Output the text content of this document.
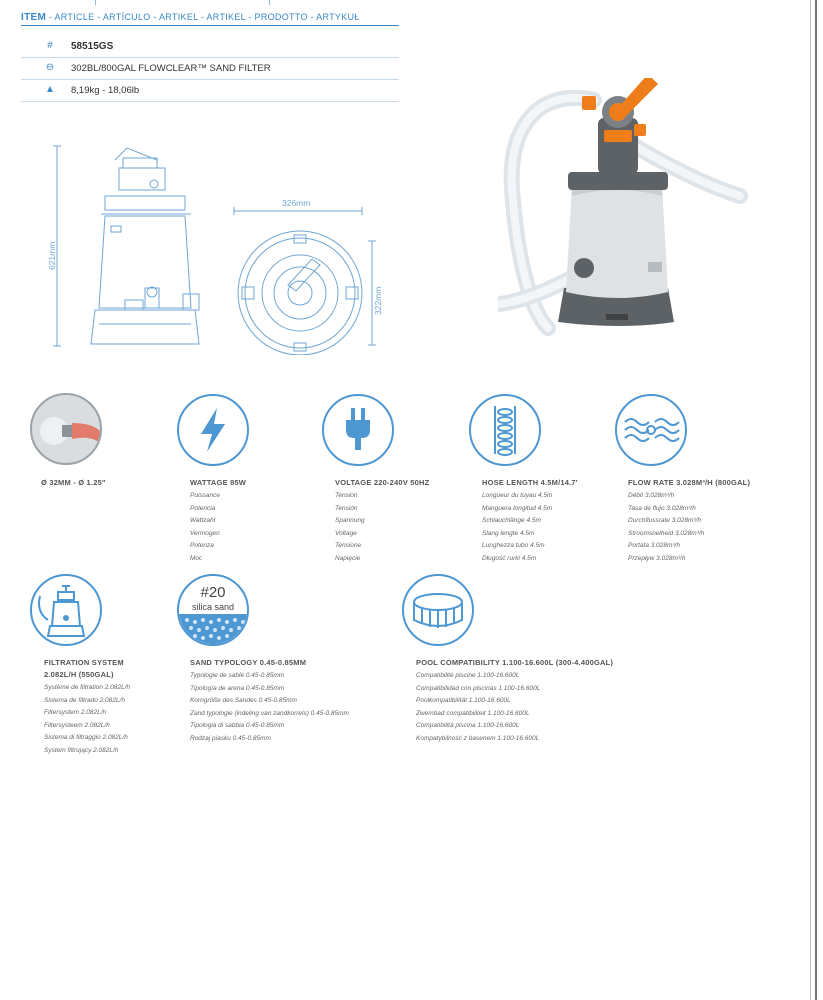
ITEM - ARTICLE - ARTÍCULO - ARTIKEL - ARTIKEL - PRODOTTO - ARTYKUŁ
# 58515GS
⊖ 302BL/800GAL FLOWCLEAR™ SAND FILTER
▲ 8,19kg - 18,06lb
621mm
326mm
322mm
Ø 32MM - Ø 1.25"	WATTAGE 85W
Puissance
Potencia
Wattzahl
Vermogen
Potenza
Moc
VOLTAGE 220-240V 50HZ
Tension
Tensión
Spannung
Voltage
Tensione
Napięcie
HOSE LENGTH 4.5M/14.7'
Longueur du tuyau 4.5m
Manguera longitud 4.5m
Schlauchlänge 4.5m
Slang lengte 4.5m
Lunghezza tubo 4.5m
Długość rurki 4.5m
FLOW RATE 3.028M³/H (800GAL)
Débit 3.028m³/h
Tasa de flujo 3.028m³/h
Durchflussrate 3.028m³/h
Stroomsnelheid 3.028m³/h
Portata 3.028m³/h
Przepływ 3.028m³/h
#20
silica sand
FILTRATION SYSTEM
2.082L/H (550GAL)
Système de filtration 2.082L/h
Sistema de filtrado 2.082L/h
Filtersystem 2.082L/h
Filtersysteem 2.082L/h
Sistema di filtraggio 2.082L/h
System filtrujący 2.082L/h
SAND TYPOLOGY 0.45-0.85MM
Typologie de sable 0.45-0.85mm
Tipología de arena 0.45-0.85mm
Korngröße des Sandes 0.45-0.85mm
Zand typologie (indeling van zandkorrels) 0.45-0.85mm
Tipologia di sabbia 0.45-0.85mm
Rodzaj piasku 0.45-0.85mm
POOL COMPATIBILITY 1.100-16.600L (300-4.400GAL)
Compatibilité piscine 1.100-16.600L
Compatibilidad con piscinas 1.100-16.600L
Poolkompatibilität 1.100-16.600L
Zwembad compatibiliteit 1.100-16.600L
Compatibilità piscina 1.100-16.600L
Kompatybilność z basenem 1.100-16.600L
